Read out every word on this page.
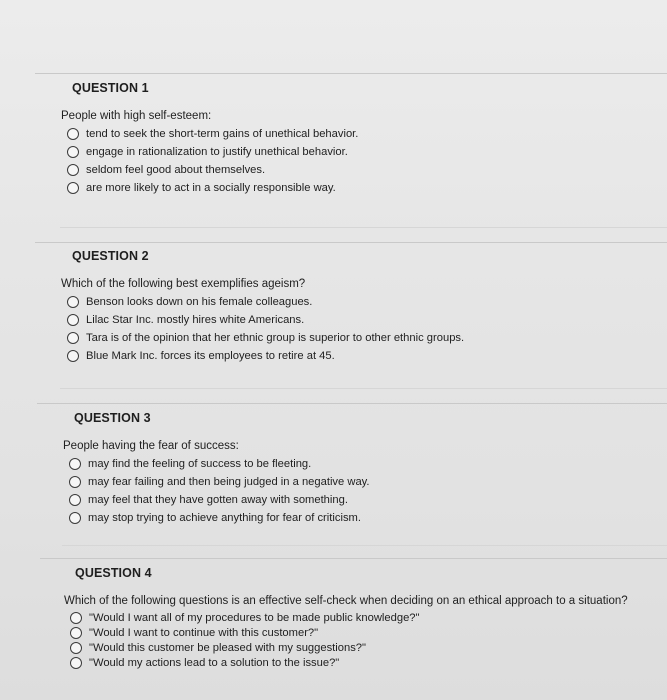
QUESTION 1
People with high self-esteem:
tend to seek the short-term gains of unethical behavior.
engage in rationalization to justify unethical behavior.
seldom feel good about themselves.
are more likely to act in a socially responsible way.
QUESTION 2
Which of the following best exemplifies ageism?
Benson looks down on his female colleagues.
Lilac Star Inc. mostly hires white Americans.
Tara is of the opinion that her ethnic group is superior to other ethnic groups.
Blue Mark Inc. forces its employees to retire at 45.
QUESTION 3
People having the fear of success:
may find the feeling of success to be fleeting.
may fear failing and then being judged in a negative way.
may feel that they have gotten away with something.
may stop trying to achieve anything for fear of criticism.
QUESTION 4
Which of the following questions is an effective self-check when deciding on an ethical approach to a situation?
"Would I want all of my procedures to be made public knowledge?"
"Would I want to continue with this customer?"
"Would this customer be pleased with my suggestions?"
"Would my actions lead to a solution to the issue?"
